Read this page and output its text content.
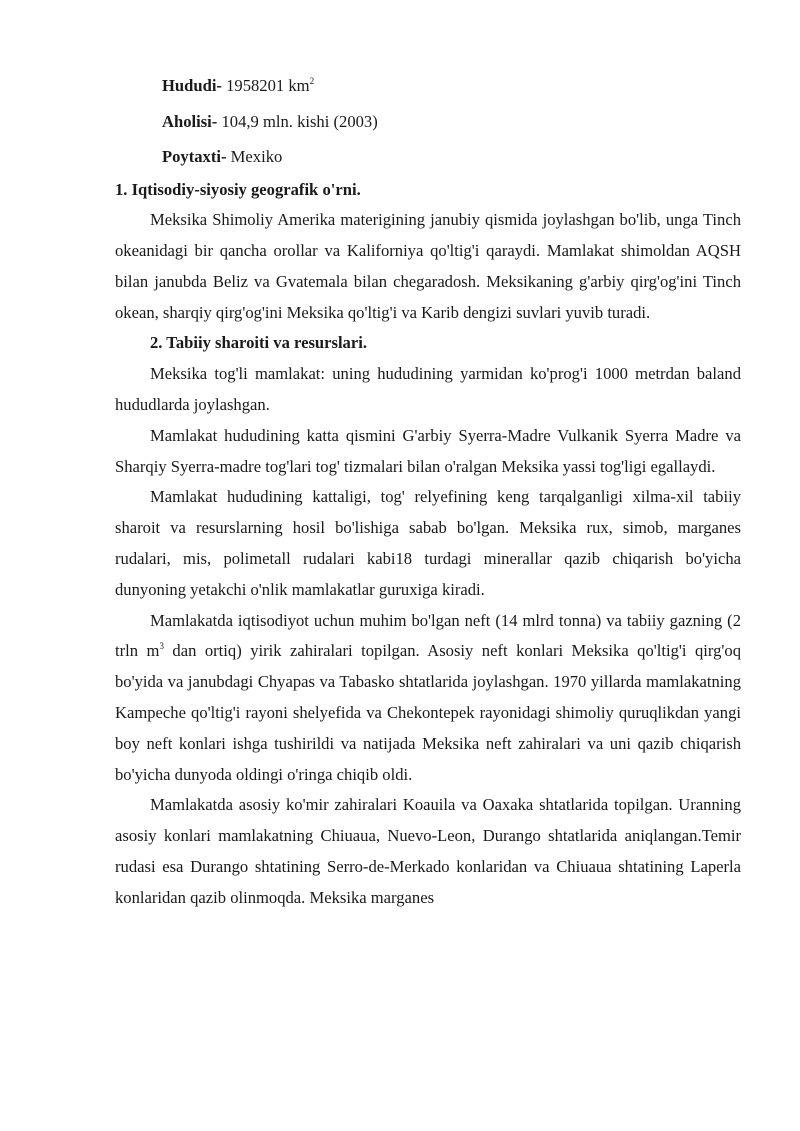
Hududi- 1958201 $km^2$

Aholisi- 104,9 mln. kishi (2003)

Poytaxti- Mexiko

1. Iqtisodiy-siyosiy geografik o'rni.

Meksika Shimoliy Amerika materigining janubiy qismida joylashgan bo'lib, unga Tinch okeanidagi bir qancha orollar va Kaliforniya qo'ltig'i qaraydi. Mamlakat shimoldan AQSH bilan janubda Beliz va Gvatemala bilan chegaradosh. Meksikaning g'arbiy qirg'og'ini Tinch okean, sharqiy qirg'og'ini Meksika qo'ltig'i va Karib dengizi suvlari yuvib turadi.

2. Tabiiy sharoiti va resurslari.

Meksika tog'li mamlakat: uning hududining yarmidan ko'prog'i 1000 metrdan baland hududlarda joylashgan.

Mamlakat hududining katta qismini G'arbiy Syerra-Madre Vulkanik Syerra Madre va Sharqiy Syerra-madre tog'lari tog' tizmalari bilan o'ralgan Meksika yassi tog'ligi egallaydi.

Mamlakat hududining kattaligi, tog' relyefining keng tarqalganligi xilma-xil tabiiy sharoit va resurslarning hosil bo'lishiga sabab bo'lgan. Meksika rux, simob, marganes rudalari, mis, polimetall rudalari kabi18 turdagi minerallar qazib chiqarish bo'yicha dunyoning yetakchi o'nlik mamlakatlar guruxiga kiradi.

Mamlakatda iqtisodiyot uchun muhim bo'lgan neft (14 mlrd tonna) va tabiiy gazning (2 trln $m^3$ dan ortiq) yirik zahiralari topilgan. Asosiy neft konlari Meksika qo'ltig'i qirg'oq bo'yida va janubdagi Chyapas va Tabasko shtatlarida joylashgan. 1970 yillarda mamlakatning Kampeche qo'ltig'i rayoni shelyefida va Chekontepek rayonidagi shimoliy quruqlikdan yangi boy neft konlari ishga tushirildi va natijada Meksika neft zahiralari va uni qazib chiqarish bo'yicha dunyoda oldingi o'ringa chiqib oldi.

Mamlakatda asosiy ko'mir zahiralari Koauila va Oaxaka shtatlarida topilgan. Uranning asosiy konlari mamlakatning Chiuaua, Nuevo-Leon, Durango shtatlarida aniqlangan.Temir rudasi esa Durango shtatining Serro-de-Merkado konlaridan va Chiuaua shtatining Laperla konlaridan qazib olinmoqda. Meksika marganes
